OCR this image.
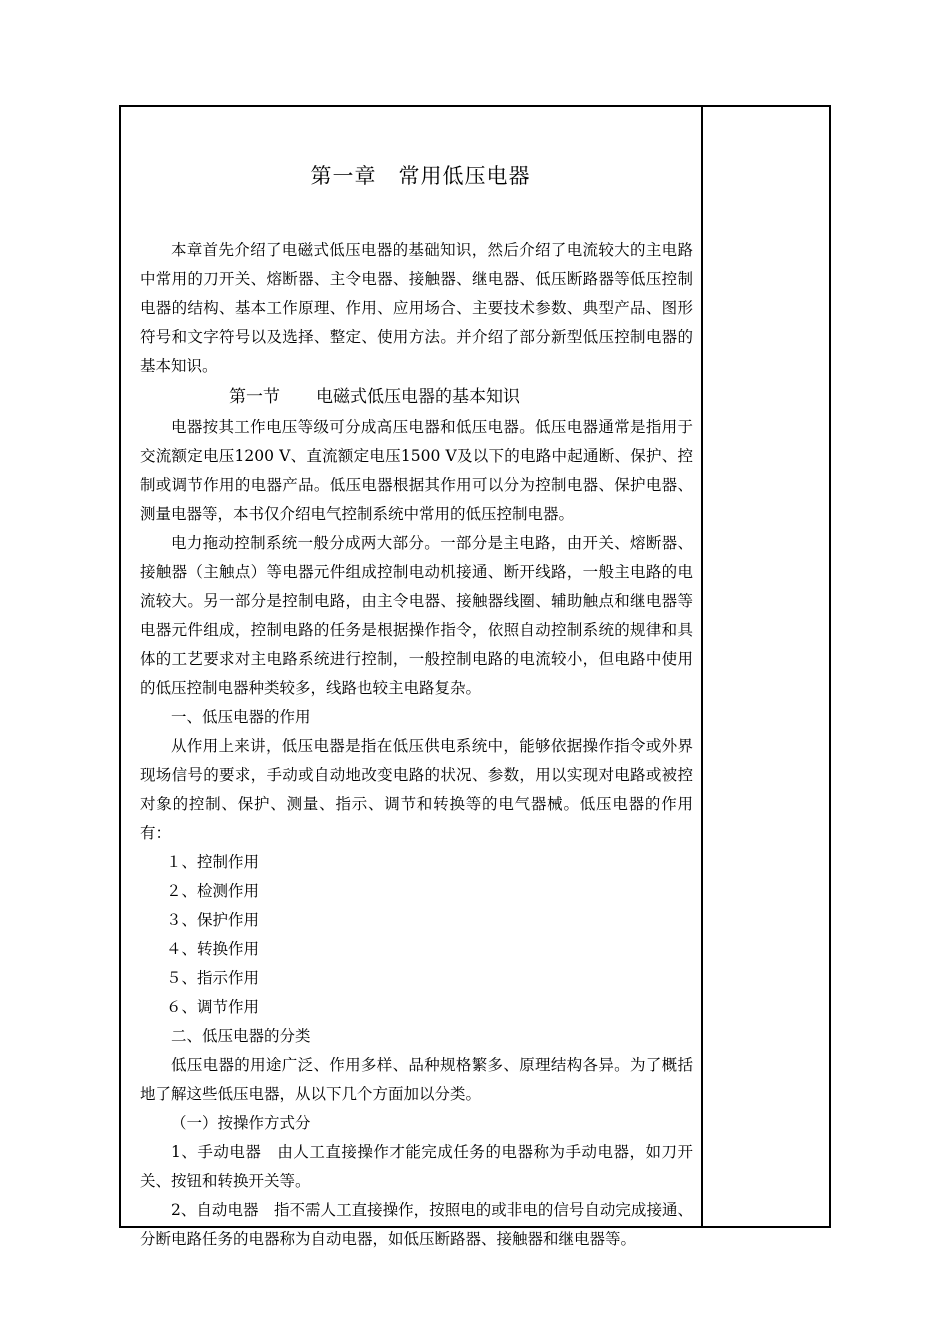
第一章 常用低压电器

本章首先介绍了电磁式低压电器的基础知识，然后介绍了电流较大的主电路中常用的刀开关、熔断器、主令电器、接触器、继电器、低压断路器等低压控制电器的结构、基本工作原理、作用、应用场合、主要技术参数、典型产品、图形符号和文字符号以及选择、整定、使用方法。并介绍了部分新型低压控制电器的基本知识。

第一节 电磁式低压电器的基本知识

电器按其工作电压等级可分成高压电器和低压电器。低压电器通常是指用于交流额定电压1200 V、直流额定电压1500 V及以下的电路中起通断、保护、控制或调节作用的电器产品。低压电器根据其作用可以分为控制电器、保护电器、测量电器等，本书仅介绍电气控制系统中常用的低压控制电器。

电力拖动控制系统一般分成两大部分。一部分是主电路，由开关、熔断器、接触器（主触点）等电器元件组成控制电动机接通、断开线路，一般主电路的电流较大。另一部分是控制电路，由主令电器、接触器线圈、辅助触点和继电器等电器元件组成，控制电路的任务是根据操作指令，依照自动控制系统的规律和具体的工艺要求对主电路系统进行控制，一般控制电路的电流较小，但电路中使用的低压控制电器种类较多，线路也较主电路复杂。

一、低压电器的作用

从作用上来讲，低压电器是指在低压供电系统中，能够依据操作指令或外界现场信号的要求，手动或自动地改变电路的状况、参数，用以实现对电路或被控对象的控制、保护、测量、指示、调节和转换等的电气器械。低压电器的作用有：

１、控制作用

２、检测作用

３、保护作用

４、转换作用

５、指示作用

６、调节作用

二、低压电器的分类

低压电器的用途广泛、作用多样、品种规格繁多、原理结构各异。为了概括地了解这些低压电器，从以下几个方面加以分类。

（一）按操作方式分

1、手动电器　由人工直接操作才能完成任务的电器称为手动电器，如刀开关、按钮和转换开关等。

2、自动电器　指不需人工直接操作，按照电的或非电的信号自动完成接通、分断电路任务的电器称为自动电器，如低压断路器、接触器和继电器等。
